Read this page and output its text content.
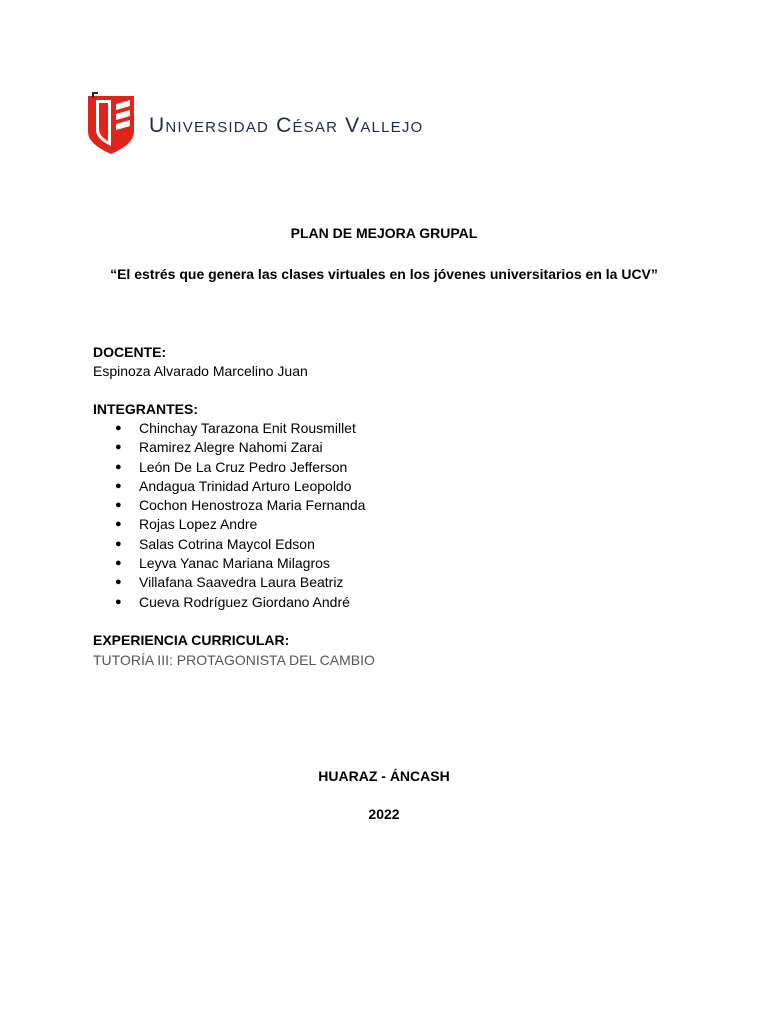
Universidad César Vallejo
PLAN DE MEJORA GRUPAL
“El estrés que genera las clases virtuales en los jóvenes universitarios en la UCV”
DOCENTE:
Espinoza Alvarado Marcelino Juan
INTEGRANTES:
● Chinchay Tarazona Enit Rousmillet
● Ramirez Alegre Nahomi Zarai
● León De La Cruz Pedro Jefferson
● Andagua Trinidad Arturo Leopoldo
● Cochon Henostroza Maria Fernanda
● Rojas Lopez Andre
● Salas Cotrina Maycol Edson
● Leyva Yanac Mariana Milagros
● Villafana Saavedra Laura Beatriz
● Cueva Rodríguez Giordano André
EXPERIENCIA CURRICULAR:
TUTORÍA III: PROTAGONISTA DEL CAMBIO
HUARAZ - ÁNCASH
2022
